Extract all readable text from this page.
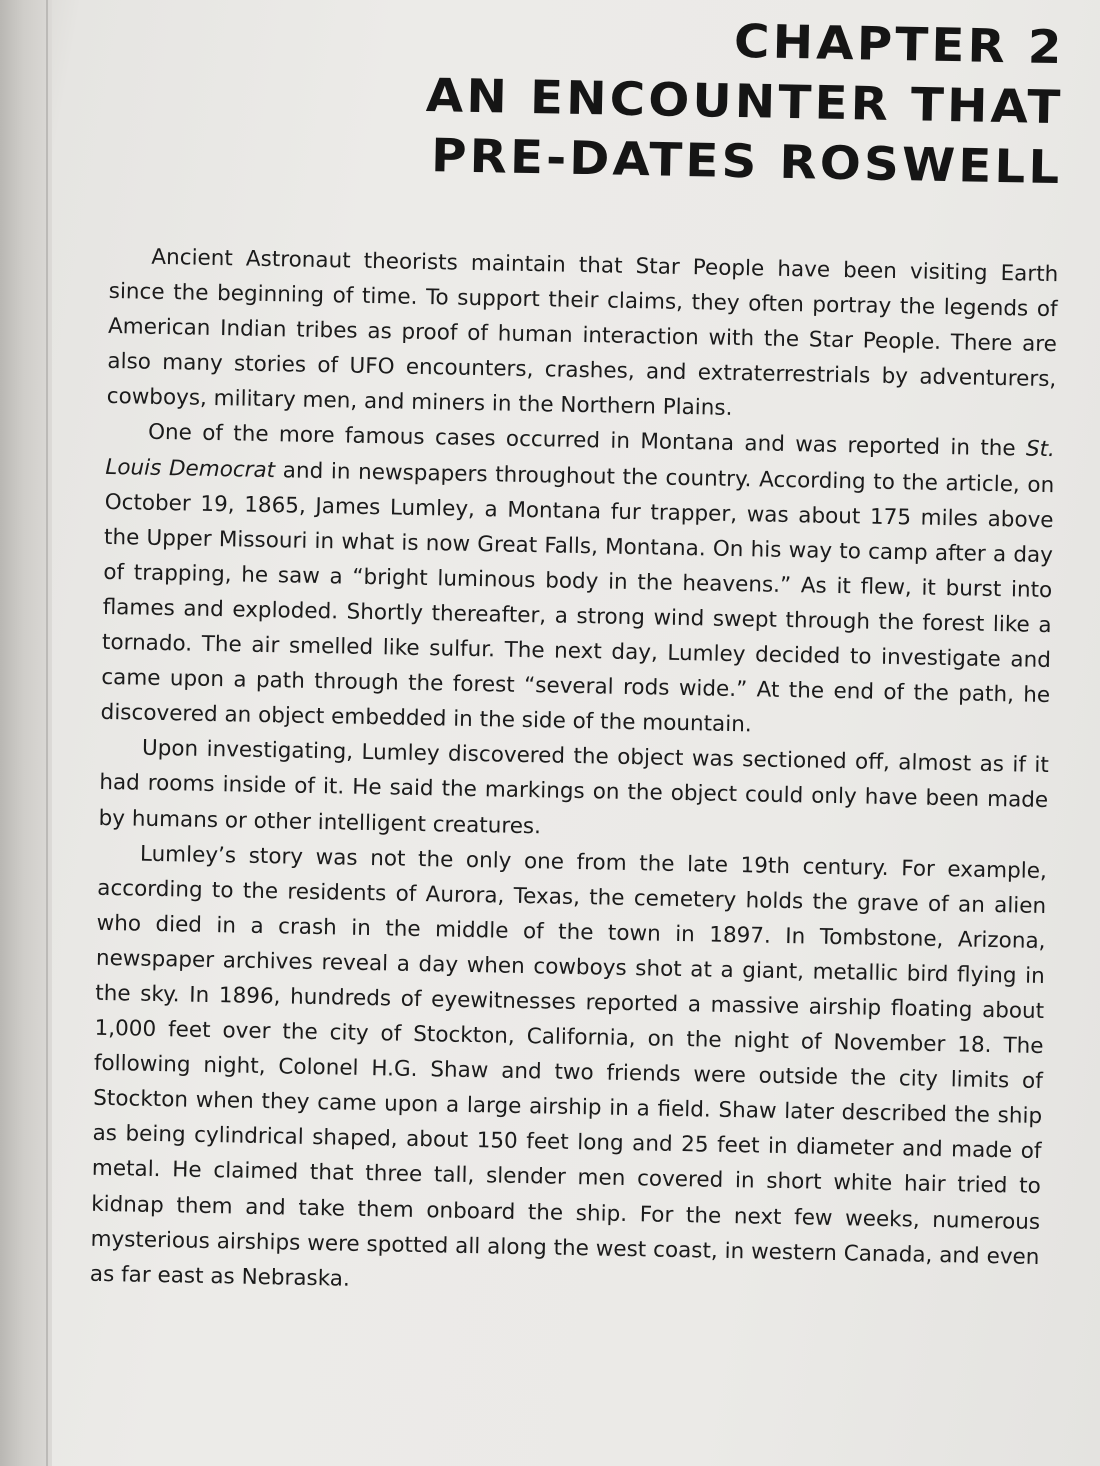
CHAPTER 2
AN ENCOUNTER THAT
PRE-DATES ROSWELL

Ancient Astronaut theorists maintain that Star People have been visiting Earth since the beginning of time. To support their claims, they often portray the legends of American Indian tribes as proof of human interaction with the Star People. There are also many stories of UFO encounters, crashes, and extraterrestrials by adventurers, cowboys, military men, and miners in the Northern Plains.

One of the more famous cases occurred in Montana and was reported in the St. Louis Democrat and in newspapers throughout the country. According to the article, on October 19, 1865, James Lumley, a Montana fur trapper, was about 175 miles above the Upper Missouri in what is now Great Falls, Montana. On his way to camp after a day of trapping, he saw a “bright luminous body in the heavens.” As it flew, it burst into flames and exploded. Shortly thereafter, a strong wind swept through the forest like a tornado. The air smelled like sulfur. The next day, Lumley decided to investigate and came upon a path through the forest “several rods wide.” At the end of the path, he discovered an object embedded in the side of the mountain.

Upon investigating, Lumley discovered the object was sectioned off, almost as if it had rooms inside of it. He said the markings on the object could only have been made by humans or other intelligent creatures.

Lumley’s story was not the only one from the late 19th century. For example, according to the residents of Aurora, Texas, the cemetery holds the grave of an alien who died in a crash in the middle of the town in 1897. In Tombstone, Arizona, newspaper archives reveal a day when cowboys shot at a giant, metallic bird flying in the sky. In 1896, hundreds of eyewitnesses reported a massive airship floating about 1,000 feet over the city of Stockton, California, on the night of November 18. The following night, Colonel H.G. Shaw and two friends were outside the city limits of Stockton when they came upon a large airship in a field. Shaw later described the ship as being cylindrical shaped, about 150 feet long and 25 feet in diameter and made of metal. He claimed that three tall, slender men covered in short white hair tried to kidnap them and take them onboard the ship. For the next few weeks, numerous mysterious airships were spotted all along the west coast, in western Canada, and even as far east as Nebraska.
